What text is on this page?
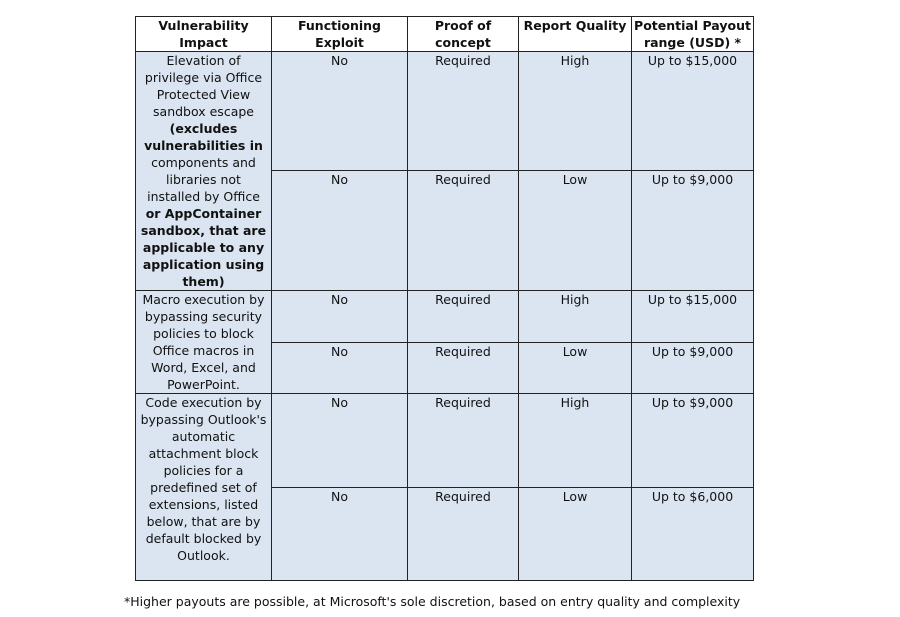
Vulnerability Impact	Functioning Exploit	Proof of concept	Report Quality	Potential Payout range (USD) *
Elevation of privilege via Office Protected View sandbox escape (excludes vulnerabilities in components and libraries not installed by Office or AppContainer sandbox, that are applicable to any application using them)	No	Required	High	Up to $15,000
	No	Required	Low	Up to $9,000
Macro execution by bypassing security policies to block Office macros in Word, Excel, and PowerPoint.	No	Required	High	Up to $15,000
	No	Required	Low	Up to $9,000
Code execution by bypassing Outlook's automatic attachment block policies for a predefined set of extensions, listed below, that are by default blocked by Outlook.	No	Required	High	Up to $9,000
	No	Required	Low	Up to $6,000
*Higher payouts are possible, at Microsoft's sole discretion, based on entry quality and complexity
